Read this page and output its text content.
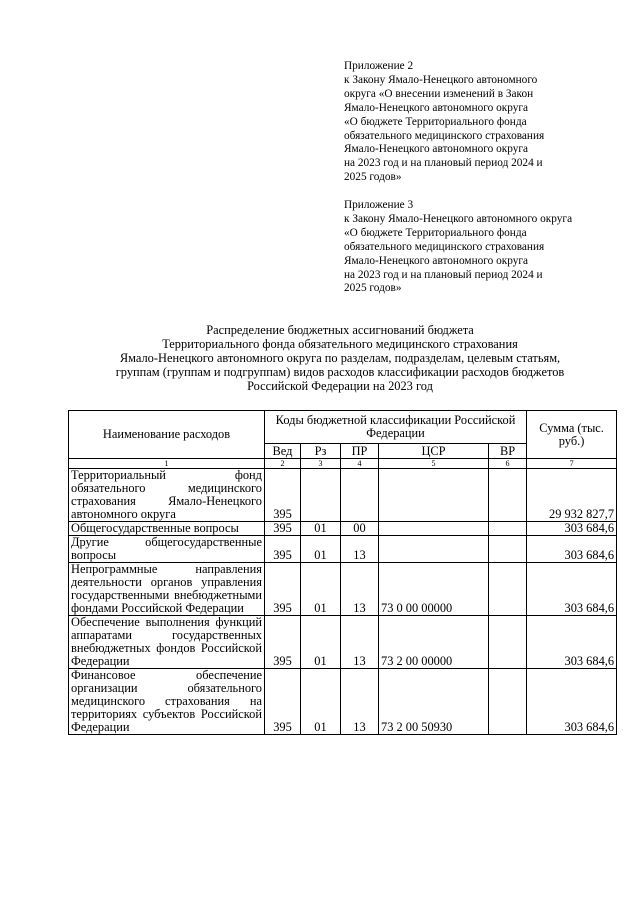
Приложение 2
к Закону Ямало-Ненецкого автономного
округа «О внесении изменений в Закон
Ямало-Ненецкого автономного округа
«О бюджете Территориального фонда
обязательного медицинского страхования
Ямало-Ненецкого автономного округа
на 2023 год и на плановый период 2024 и
2025 годов»
Приложение 3
к Закону Ямало-Ненецкого автономного округа
«О бюджете Территориального фонда
обязательного медицинского страхования
Ямало-Ненецкого автономного округа
на 2023 год и на плановый период 2024 и
2025 годов»
Распределение бюджетных ассигнований бюджета
Территориального фонда обязательного медицинского страхования
Ямало-Ненецкого автономного округа по разделам, подразделам, целевым статьям,
группам (группам и подгруппам) видов расходов классификации расходов бюджетов
Российской Федерации на 2023 год
Наименование расходов	Коды бюджетной классификации Российской Федерации					Сумма (тыс. руб.)
	Вед	Рз	ПР	ЦСР	ВР	
1	2	3	4	5	6	7
Территориальный фонд обязательного медицинского страхования Ямало-Ненецкого автономного округа	395					29 932 827,7
Общегосударственные вопросы	395	01	00			303 684,6
Другие общегосударственные вопросы	395	01	13			303 684,6
Непрограммные направления деятельности органов управления государственными внебюджетными фондами Российской Федерации	395	01	13	73 0 00 00000		303 684,6
Обеспечение выполнения функций аппаратами государственных внебюджетных фондов Российской Федерации	395	01	13	73 2 00 00000		303 684,6
Финансовое обеспечение организации обязательного медицинского страхования на территориях субъектов Российской Федерации	395	01	13	73 2 00 50930		303 684,6
